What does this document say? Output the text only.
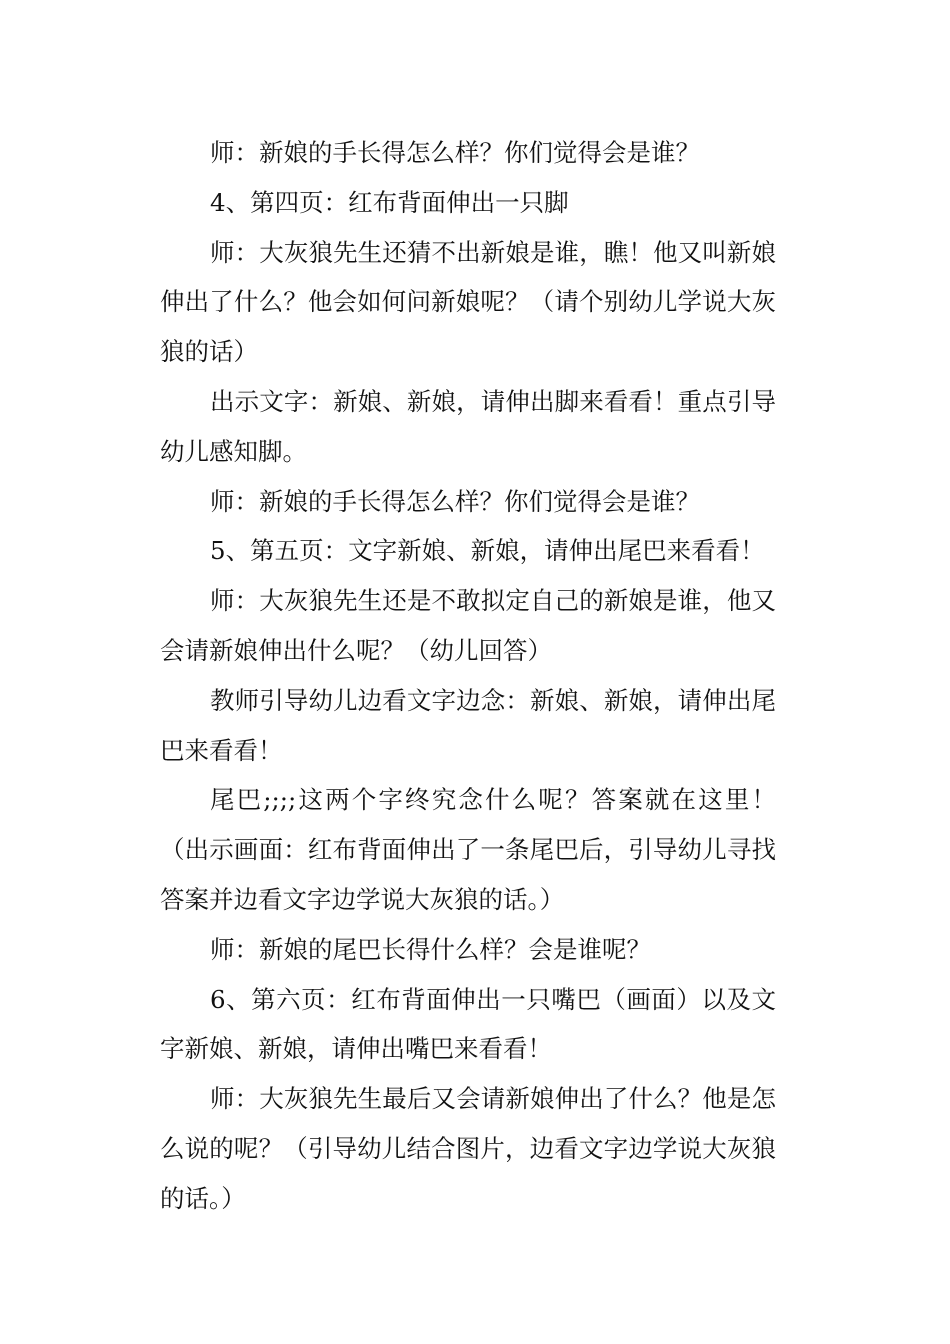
师：新娘的手长得怎么样？你们觉得会是谁？

4、第四页：红布背面伸出一只脚

师：大灰狼先生还猜不出新娘是谁，瞧！他又叫新娘伸出了什么？他会如何问新娘呢？（请个别幼儿学说大灰狼的话）

出示文字：新娘、新娘，请伸出脚来看看！重点引导幼儿感知脚。

师：新娘的手长得怎么样？你们觉得会是谁？

5、第五页：文字新娘、新娘，请伸出尾巴来看看！

师：大灰狼先生还是不敢拟定自己的新娘是谁，他又会请新娘伸出什么呢？（幼儿回答）

教师引导幼儿边看文字边念：新娘、新娘，请伸出尾巴来看看！

尾巴;;;;这两个字终究念什么呢？答案就在这里！（出示画面：红布背面伸出了一条尾巴后，引导幼儿寻找答案并边看文字边学说大灰狼的话。）

师：新娘的尾巴长得什么样？会是谁呢？

6、第六页：红布背面伸出一只嘴巴（画面）以及文字新娘、新娘，请伸出嘴巴来看看！

师：大灰狼先生最后又会请新娘伸出了什么？他是怎么说的呢？（引导幼儿结合图片，边看文字边学说大灰狼的话。）
